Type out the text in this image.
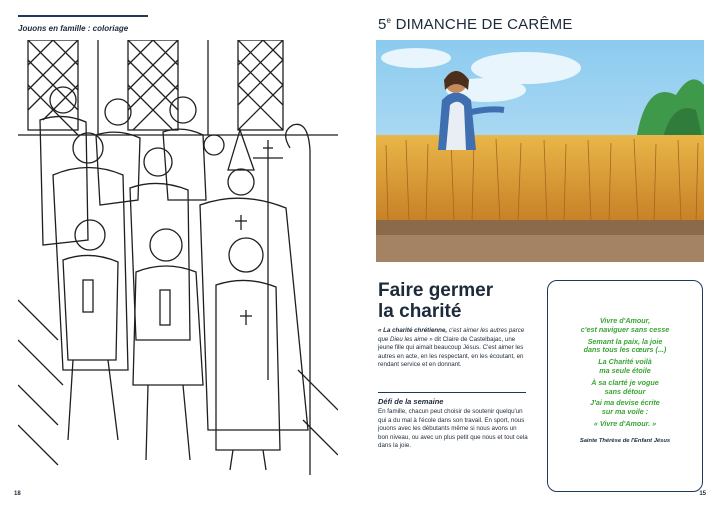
Jouons en famille : coloriage
18
5e DIMANCHE DE CARÊME
Faire germer
la charité
« La charité chrétienne, c'est aimer les autres parce que Dieu les aime » dit Claire de Castelbajac, une jeune fille qui aimait beaucoup Jésus. C'est aimer les autres en acte, en les respectant, en les écoutant, en rendant service et en donnant.
Défi de la semaine
En famille, chacun peut choisir de soutenir quelqu'un qui a du mal à l'école dans son travail. En sport, nous jouons avec les débutants même si nous avons un bon niveau, ou avec un plus petit que nous et tout cela dans la joie.
Vivre d'Amour,
c'est naviguer sans cesse
Semant la paix, la joie
dans tous les cœurs (...)
La Charité voilà
ma seule étoile
À sa clarté je vogue
sans détour
J'ai ma devise écrite
sur ma voile :
« Vivre d'Amour. »
Sainte Thérèse de l'Enfant Jésus
15
